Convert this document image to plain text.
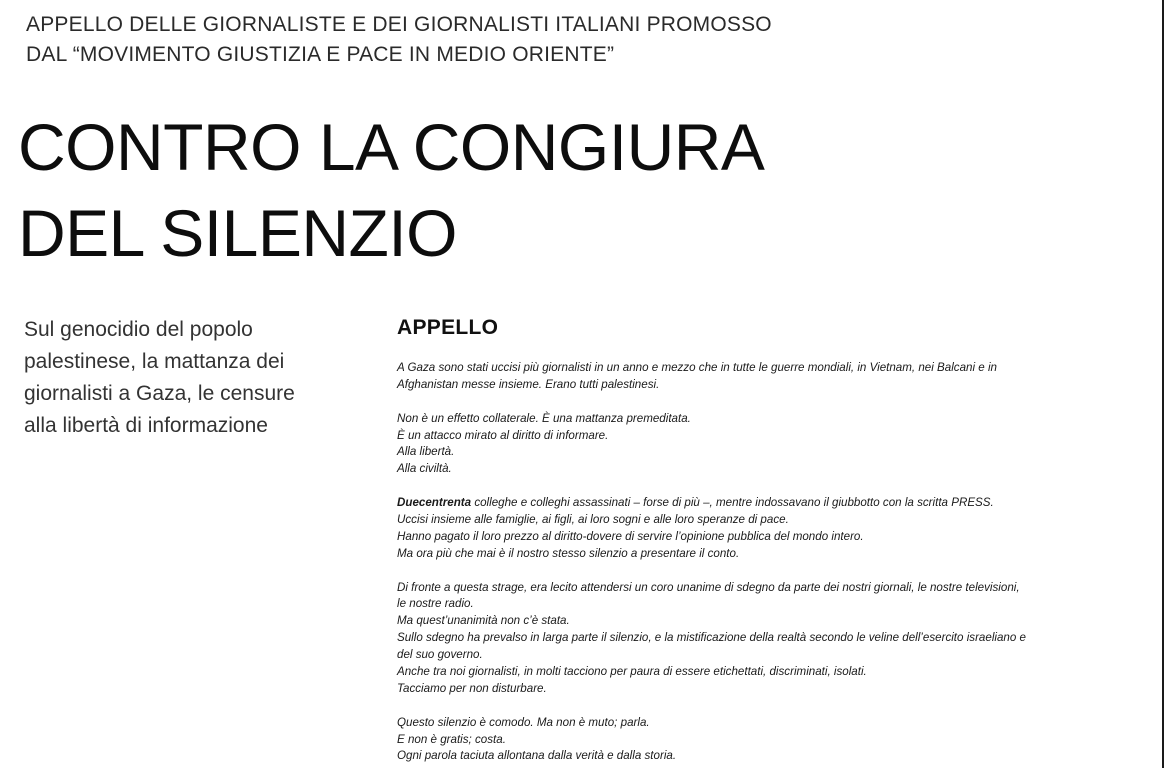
APPELLO DELLE GIORNALISTE E DEI GIORNALISTI ITALIANI PROMOSSO
DAL “MOVIMENTO GIUSTIZIA E PACE IN MEDIO ORIENTE”
CONTRO LA CONGIURA
DEL SILENZIO
Sul genocidio del popolo
palestinese, la mattanza dei
giornalisti a Gaza, le censure
alla libertà di informazione
APPELLO
A Gaza sono stati uccisi più giornalisti in un anno e mezzo che in tutte le guerre mondiali, in Vietnam, nei Balcani e in
Afghanistan messe insieme. Erano tutti palestinesi.
Non è un effetto collaterale. È una mattanza premeditata.
È un attacco mirato al diritto di informare.
Alla libertà.
Alla civiltà.
Duecentrenta colleghe e colleghi assassinati – forse di più –, mentre indossavano il giubbotto con la scritta PRESS.
Uccisi insieme alle famiglie, ai figli, ai loro sogni e alle loro speranze di pace.
Hanno pagato il loro prezzo al diritto-dovere di servire l’opinione pubblica del mondo intero.
Ma ora più che mai è il nostro stesso silenzio a presentare il conto.
Di fronte a questa strage, era lecito attendersi un coro unanime di sdegno da parte dei nostri giornali, le nostre televisioni,
le nostre radio.
Ma quest’unanimità non c’è stata.
Sullo sdegno ha prevalso in larga parte il silenzio, e la mistificazione della realtà secondo le veline dell’esercito israeliano e
del suo governo.
Anche tra noi giornalisti, in molti tacciono per paura di essere etichettati, discriminati, isolati.
Tacciamo per non disturbare.
Questo silenzio è comodo. Ma non è muto; parla.
E non è gratis; costa.
Ogni parola taciuta allontana dalla verità e dalla storia.
